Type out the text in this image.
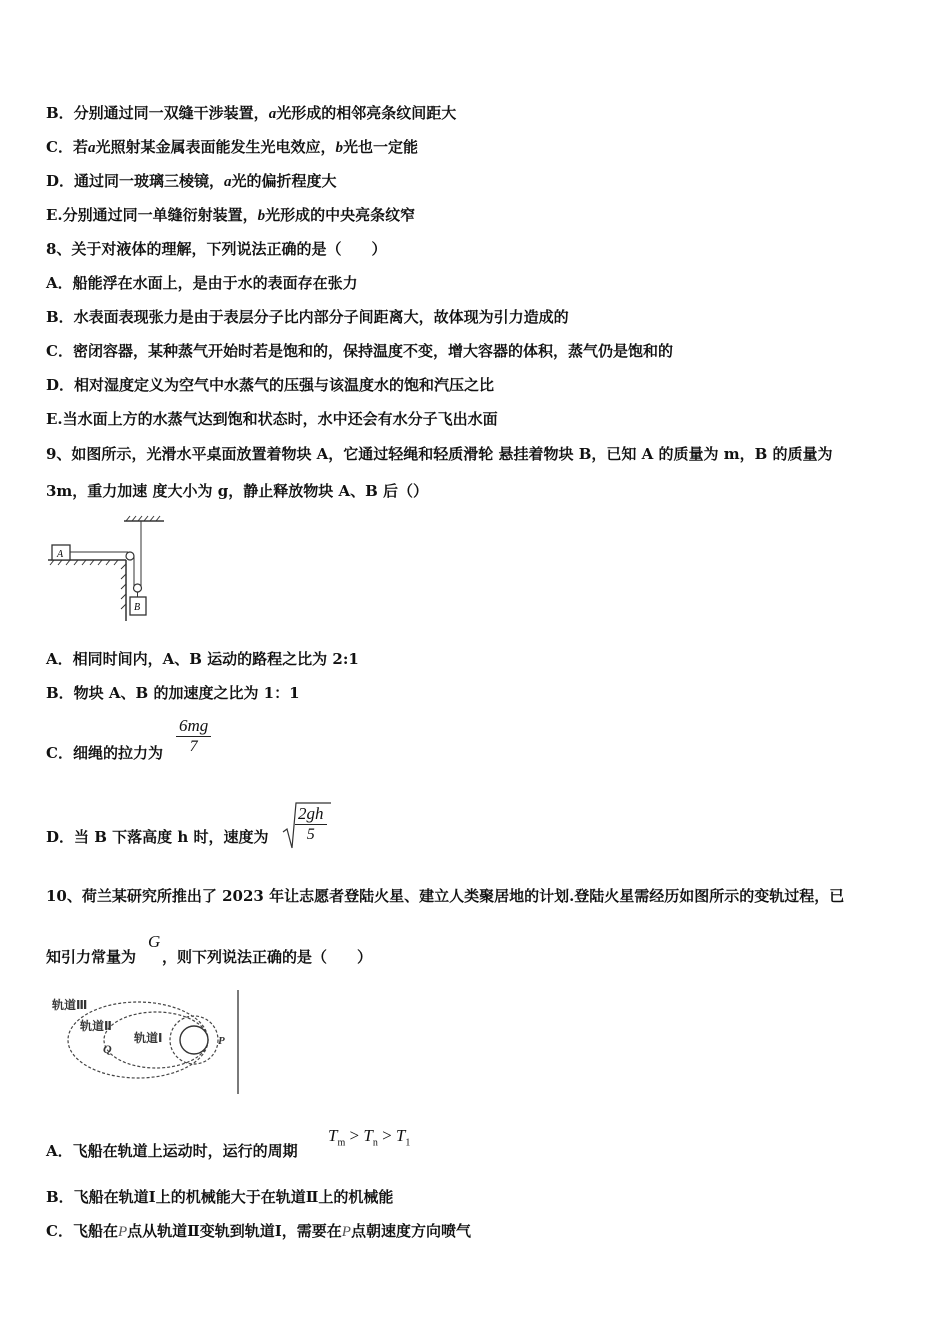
B．分别通过同一双缝干涉装置，a光形成的相邻亮条纹间距大
C．若a光照射某金属表面能发生光电效应，b光也一定能
D．通过同一玻璃三棱镜，a光的偏折程度大
E.分别通过同一单缝衍射装置，b光形成的中央亮条纹窄
8、关于对液体的理解，下列说法正确的是（　　）
A．船能浮在水面上，是由于水的表面存在张力
B．水表面表现张力是由于表层分子比内部分子间距离大，故体现为引力造成的
C．密闭容器，某种蒸气开始时若是饱和的，保持温度不变，增大容器的体积，蒸气仍是饱和的
D．相对湿度定义为空气中水蒸气的压强与该温度水的饱和汽压之比
E.当水面上方的水蒸气达到饱和状态时，水中还会有水分子飞出水面
9、如图所示，光滑水平桌面放置着物块 A，它通过轻绳和轻质滑轮 悬挂着物块 B，已知 A 的质量为 m，B 的质量为
3m，重力加速 度大小为 g，静止释放物块 A、B 后（）
A
B
A．相同时间内，A、B 运动的路程之比为 2:1
B．物块 A、B 的加速度之比为 1：1
C．细绳的拉力为 $\frac{6mg}{7}$
D．当 B 下落高度 h 时，速度为 $\frac{2gh}{5}$
10、荷兰某研究所推出了 2023 年让志愿者登陆火星、建立人类聚居地的计划.登陆火星需经历如图所示的变轨过程，已
知引力常量为 ，则下列说法正确的是（　　）
G
轨道Ⅲ
轨道Ⅱ
轨道Ⅰ
Q
P
A．飞船在轨道上运动时，运行的周期
$T_m > T_n > T_1$
B．飞船在轨道Ⅰ上的机械能大于在轨道Ⅱ上的机械能
C．飞船在P点从轨道Ⅱ变轨到轨道Ⅰ，需要在P点朝速度方向喷气
